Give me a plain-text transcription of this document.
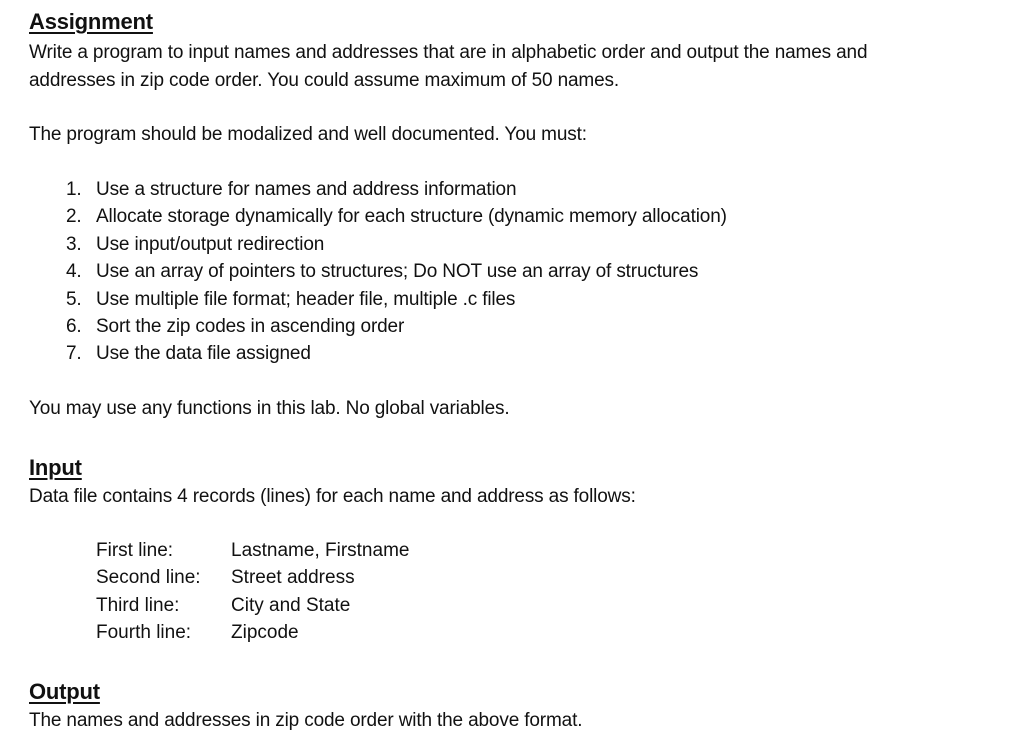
Assignment
Write a program to input names and addresses that are in alphabetic order and output the names and
addresses in zip code order. You could assume maximum of 50 names.
The program should be modalized and well documented. You must:
1. Use a structure for names and address information
2. Allocate storage dynamically for each structure (dynamic memory allocation)
3. Use input/output redirection
4. Use an array of pointers to structures; Do NOT use an array of structures
5. Use multiple file format; header file, multiple .c files
6. Sort the zip codes in ascending order
7. Use the data file assigned
You may use any functions in this lab. No global variables.
Input
Data file contains 4 records (lines) for each name and address as follows:
First line:	Lastname, Firstname
Second line: Street address
Third line:	City and State
Fourth line: Zipcode
Output
The names and addresses in zip code order with the above format.
